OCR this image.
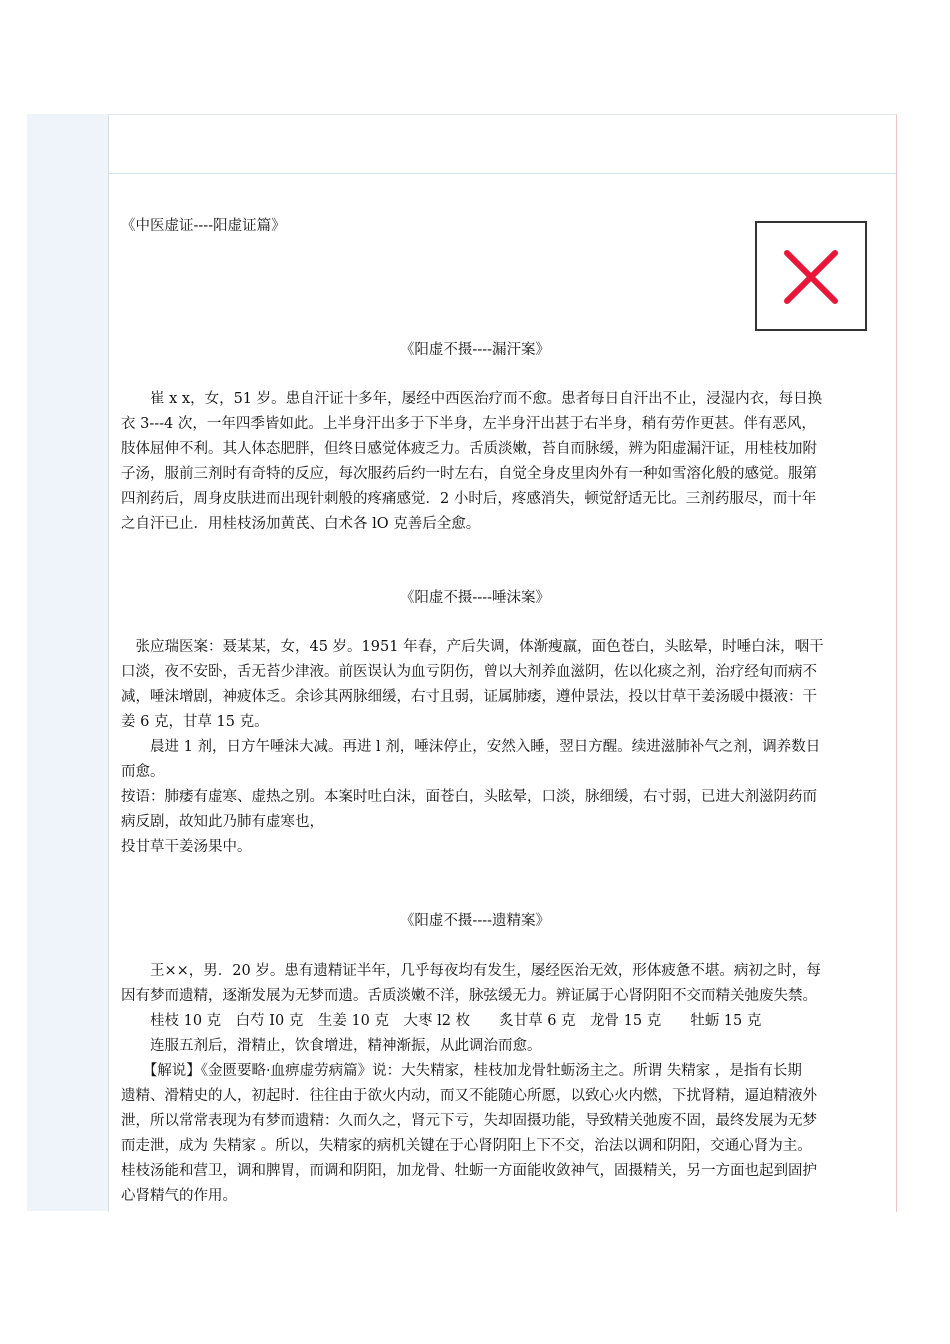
《中医虚证----阳虚证篇》
《阳虚不摄----漏汗案》
　　崔 x x，女，51 岁。患自汗证十多年，屡经中西医治疗而不愈。患者每日自汗出不止，浸湿内衣，每日换
衣 3---4 次，一年四季皆如此。上半身汗出多于下半身，左半身汗出甚于右半身，稍有劳作更甚。伴有恶风，
肢体屈伸不利。其人体态肥胖，但终日感觉体疲乏力。舌质淡嫩，苔自而脉缓，辨为阳虚漏汗证，用桂枝加附
子汤，服前三剂时有奇特的反应，每次服药后约一时左右，自觉全身皮里肉外有一种如雪溶化般的感觉。服第
四剂药后，周身皮肤进而出现针刺般的疼痛感觉．2 小时后，疼感消失，顿觉舒适无比。三剂药服尽，而十年
之自汗已止．用桂枝汤加黄芪、白术各 lO 克善后全愈。
《阳虚不摄----唾沫案》
　张应瑞医案：聂某某，女，45 岁。1951 年春，产后失调，体渐瘦羸，面色苍白，头眩晕，时唾白沫，咽干
口淡，夜不安卧，舌无苔少津液。前医误认为血亏阴伤，曾以大剂养血滋阴，佐以化痰之剂，治疗经旬而病不
减，唾沫增剧，神疲体乏。余诊其两脉细缓，右寸且弱，证属肺痿，遵仲景法，投以甘草干姜汤暖中摄液：干
姜 6 克，甘草 15 克。
　　晨进 1 剂，日方午唾沫大减。再进 l 剂，唾沫停止，安然入睡，翌日方醒。续进滋肺补气之剂，调养数日
而愈。
按语：肺痿有虚寒、虚热之别。本案时吐白沫，面苍白，头眩晕，口淡，脉细缓，右寸弱，已进大剂滋阴药而
病反剧，故知此乃肺有虚寒也，
投甘草干姜汤果中。
《阳虚不摄----遗精案》
　　王××，男．20 岁。患有遗精证半年，几乎每夜均有发生，屡经医治无效，形体疲惫不堪。病初之时，每
因有梦而遗精，逐渐发展为无梦而遗。舌质淡嫩不洋，脉弦缓无力。辨证属于心肾阴阳不交而精关弛废失禁。
　　桂枝 10 克　白芍 I0 克　生姜 10 克　大枣 l2 枚　　炙甘草 6 克　龙骨 15 克　　牡蛎 15 克
　　连服五剂后，滑精止，饮食增进，精神渐振，从此调治而愈。
　　【解说】《金匮要略·血痹虚劳病篇》说：大失精家，桂枝加龙骨牡蛎汤主之。所谓 失精家 ，是指有长期
遗精、滑精史的人，初起时．往往由于欲火内动，而又不能随心所愿，以致心火内燃，下扰肾精，逼迫精液外
泄，所以常常表现为有梦而遗精：久而久之，肾元下亏，失却固摄功能，导致精关弛废不固，最终发展为无梦
而走泄，成为 失精家 。所以，失精家的病机关键在于心肾阴阳上下不交，治法以调和阴阳，交通心肾为主。
桂枝汤能和营卫，调和脾胃，而调和阴阳，加龙骨、牡蛎一方面能收敛神气，固摄精关，另一方面也起到固护
心肾精气的作用。
